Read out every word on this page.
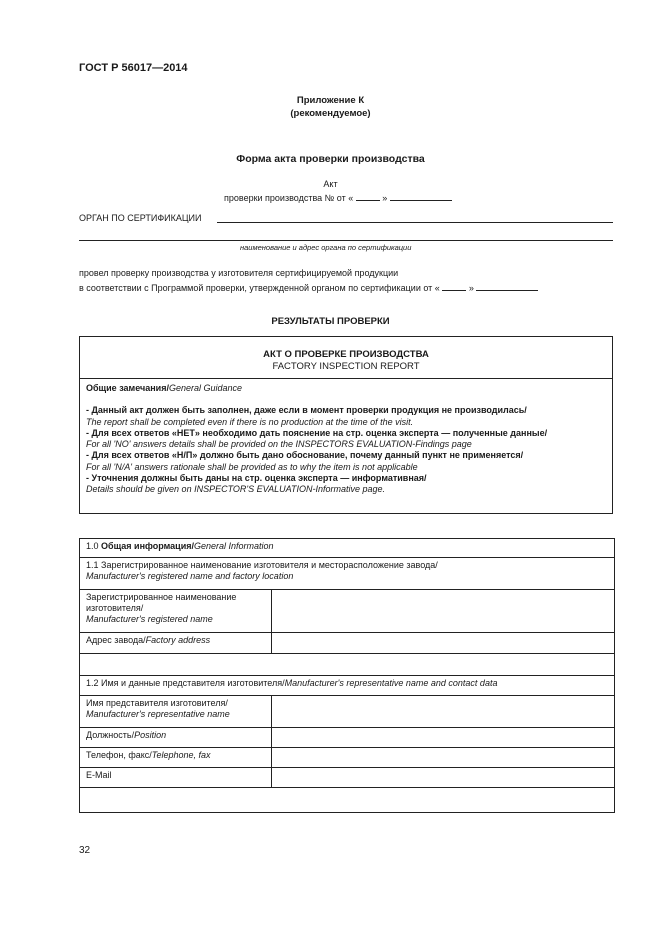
ГОСТ Р 56017—2014
Приложение К
(рекомендуемое)
Форма акта проверки производства
Акт
проверки производства № от «	»
ОРГАН ПО СЕРТИФИКАЦИИ
наименование и адрес органа по сертификации
провел проверку производства у изготовителя сертифицируемой продукции
в соответствии с Программой проверки, утвержденной органом по сертификации от «	»
РЕЗУЛЬТАТЫ ПРОВЕРКИ
АКТ О ПРОВЕРКЕ ПРОИЗВОДСТВА
FACTORY INSPECTION REPORT
Общие замечания/General Guidance
- Данный акт должен быть заполнен, даже если в момент проверки продукция не производилась/
The report shall be completed even if there is no production at the time of the visit.
- Для всех ответов «НЕТ» необходимо дать пояснение на стр. оценка эксперта — полученные данные/
For all 'NO' answers details shall be provided on the INSPECTORS EVALUATION-Findings page
- Для всех ответов «Н/П» должно быть дано обоснование, почему данный пункт не применяется/
For all 'N/A' answers rationale shall be provided as to why the item is not applicable
- Уточнения должны быть даны на стр. оценка эксперта — информативная/
Details should be given on INSPECTOR'S EVALUATION-Informative page.
1.0 Общая информация/General Information	

1.1 Зарегистрированное наименование изготовителя и месторасположение завода/
Manufacturer's registered name and factory location	

Зарегистрированное наименование
изготовителя/
Manufacturer's registered name	

Адрес завода/Factory address	

1.2 Имя и данные представителя изготовителя/Manufacturer's representative name and contact data	

Имя представителя изготовителя/
Manufacturer's representative name	

Должность/Position	
Телефон, факс/Telephone, fax	
E-Mail	

32
